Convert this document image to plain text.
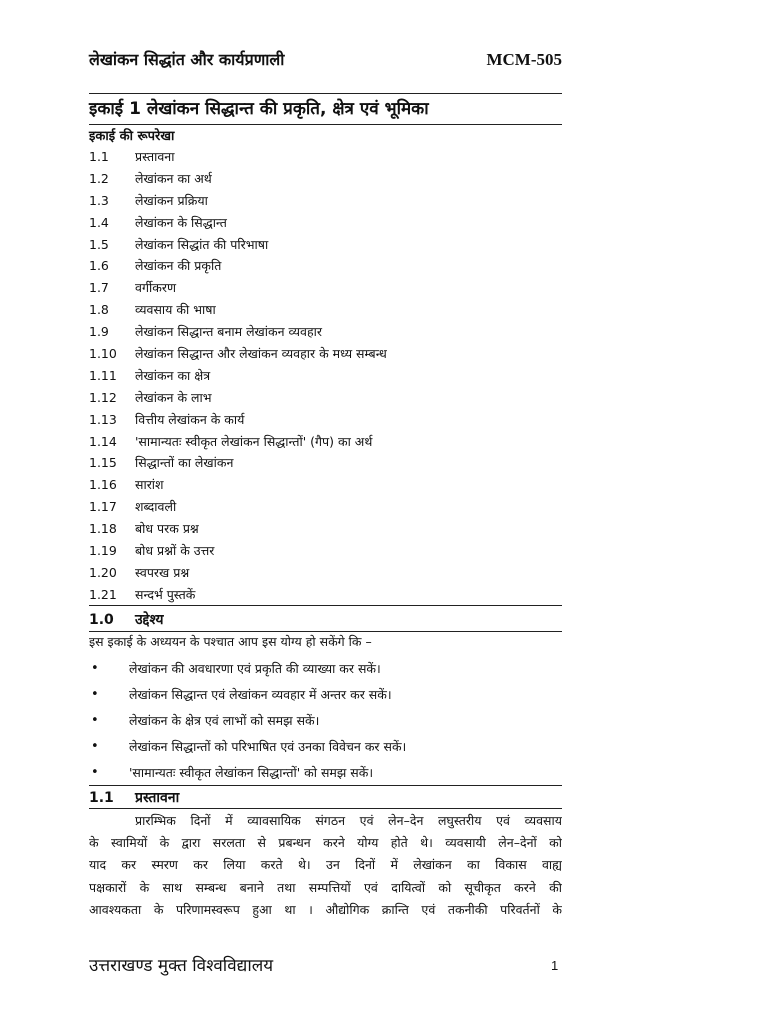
लेखांकन सिद्धांत और कार्यप्रणाली	MCM-505
इकाई 1 लेखांकन सिद्धान्त की प्रकृति, क्षेत्र एवं भूमिका
इकाई की रूपरेखा
1.1 प्रस्तावना
1.2 लेखांकन का अर्थ
1.3 लेखांकन प्रक्रिया
1.4 लेखांकन के सिद्धान्त
1.5 लेखांकन सिद्धांत की परिभाषा
1.6 लेखांकन की प्रकृति
1.7 वर्गीकरण
1.8 व्यवसाय की भाषा
1.9 लेखांकन सिद्धान्त बनाम लेखांकन व्यवहार
1.10 लेखांकन सिद्धान्त और लेखांकन व्यवहार के मध्य सम्बन्ध
1.11 लेखांकन का क्षेत्र
1.12 लेखांकन के लाभ
1.13 वित्तीय लेखांकन के कार्य
1.14 'सामान्यतः स्वीकृत लेखांकन सिद्धान्तों' (गैप) का अर्थ
1.15 सिद्धान्तों का लेखांकन
1.16 सारांश
1.17 शब्दावली
1.18 बोध परक प्रश्न
1.19 बोध प्रश्नों के उत्तर
1.20 स्वपरख प्रश्न
1.21 सन्दर्भ पुस्तकें
1.0 उद्देश्य
इस इकाई के अध्ययन के पश्चात आप इस योग्य हो सकेंगे कि –
• लेखांकन की अवधारणा एवं प्रकृति की व्याख्या कर सकें।
• लेखांकन सिद्धान्त एवं लेखांकन व्यवहार में अन्तर कर सकें।
• लेखांकन के क्षेत्र एवं लाभों को समझ सकें।
• लेखांकन सिद्धान्तों को परिभाषित एवं उनका विवेचन कर सकें।
• 'सामान्यतः स्वीकृत लेखांकन सिद्धान्तों' को समझ सकें।
1.1 प्रस्तावना
प्रारम्भिक दिनों में व्यावसायिक संगठन एवं लेन–देन लघुस्तरीय एवं व्यवसाय
के स्वामियों के द्वारा सरलता से प्रबन्धन करने योग्य होते थे। व्यवसायी लेन–देनों को
याद कर स्मरण कर लिया करते थे। उन दिनों में लेखांकन का विकास वाह्य
पक्षकारों के साथ सम्बन्ध बनाने तथा सम्पत्तियों एवं दायित्वों को सूचीकृत करने की
आवश्यकता के परिणामस्वरूप हुआ था । औद्योगिक क्रान्ति एवं तकनीकी परिवर्तनों के
उत्तराखण्ड मुक्त विश्वविद्यालय	1
